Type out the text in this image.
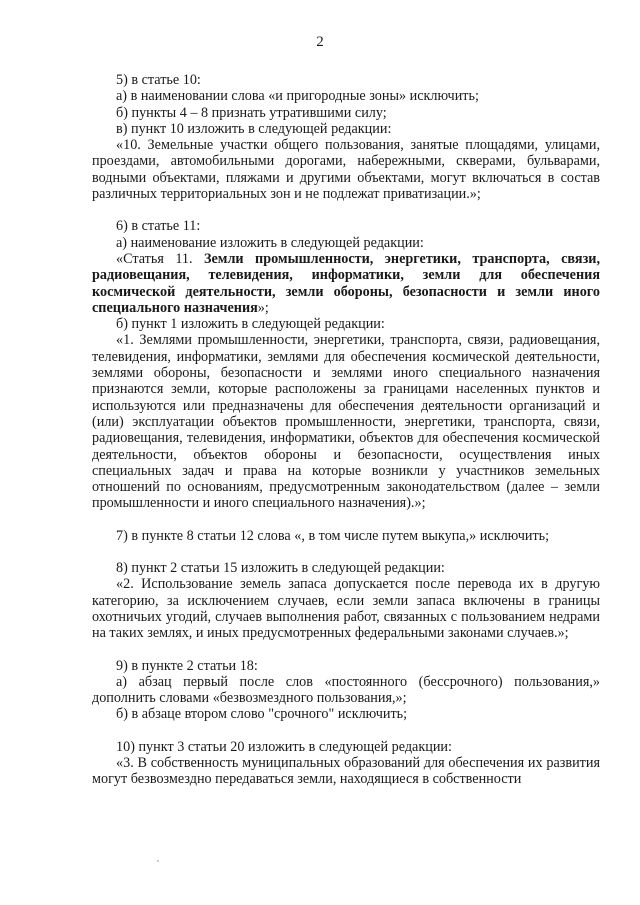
2

5) в статье 10:

а) в наименовании слова «и пригородные зоны» исключить;

б) пункты 4 – 8 признать утратившими силу;

в) пункт 10 изложить в следующей редакции:

«10. Земельные участки общего пользования, занятые площадями, улицами, проездами, автомобильными дорогами, набережными, скверами, бульварами, водными объектами, пляжами и другими объектами, могут включаться в состав различных территориальных зон и не подлежат приватизации.»;

6) в статье 11:

а) наименование изложить в следующей редакции:

«Статья 11. Земли промышленности, энергетики, транспорта, связи, радиовещания, телевидения, информатики, земли для обеспечения космической деятельности, земли обороны, безопасности и земли иного специального назначения»;

б) пункт 1 изложить в следующей редакции:

«1. Землями промышленности, энергетики, транспорта, связи, радиовещания, телевидения, информатики, землями для обеспечения космической деятельности, землями обороны, безопасности и землями иного специального назначения признаются земли, которые расположены за границами населенных пунктов и используются или предназначены для обеспечения деятельности организаций и (или) эксплуатации объектов промышленности, энергетики, транспорта, связи, радиовещания, телевидения, информатики, объектов для обеспечения космической деятельности, объектов обороны и безопасности, осуществления иных специальных задач и права на которые возникли у участников земельных отношений по основаниям, предусмотренным законодательством (далее – земли промышленности и иного специального назначения).»;

7) в пункте 8 статьи 12 слова «, в том числе путем выкупа,» исключить;

8) пункт 2 статьи 15 изложить в следующей редакции:

«2. Использование земель запаса допускается после перевода их в другую категорию, за исключением случаев, если земли запаса включены в границы охотничьих угодий, случаев выполнения работ, связанных с пользованием недрами на таких землях, и иных предусмотренных федеральными законами случаев.»;

9) в пункте 2 статьи 18:

а) абзац первый после слов «постоянного (бессрочного) пользования,» дополнить словами «безвозмездного пользования,»;

б) в абзаце втором слово "срочного" исключить;

10) пункт 3 статьи 20 изложить в следующей редакции:

«3. В собственность муниципальных образований для обеспечения их развития могут безвозмездно передаваться земли, находящиеся в собственности
